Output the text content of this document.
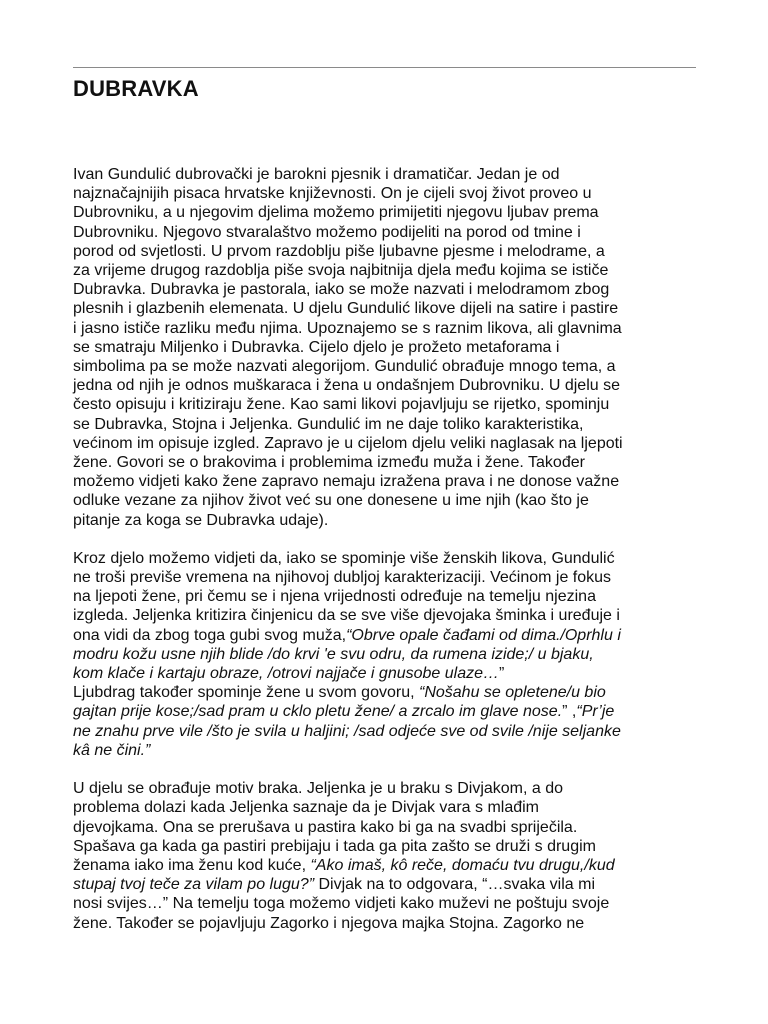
DUBRAVKA

Ivan Gundulić dubrovački je barokni pjesnik i dramatičar. Jedan je od
najznačajnijih pisaca hrvatske književnosti. On je cijeli svoj život proveo u
Dubrovniku, a u njegovim djelima možemo primijetiti njegovu ljubav prema
Dubrovniku. Njegovo stvaralaštvo možemo podijeliti na porod od tmine i
porod od svjetlosti. U prvom razdoblju piše ljubavne pjesme i melodrame, a
za vrijeme drugog razdoblja piše svoja najbitnija djela među kojima se ističe
Dubravka. Dubravka je pastorala, iako se može nazvati i melodramom zbog
plesnih i glazbenih elemenata. U djelu Gundulić likove dijeli na satire i pastire
i jasno ističe razliku među njima. Upoznajemo se s raznim likova, ali glavnima
se smatraju Miljenko i Dubravka. Cijelo djelo je prožeto metaforama i
simbolima pa se može nazvati alegorijom. Gundulić obrađuje mnogo tema, a
jedna od njih je odnos muškaraca i žena u ondašnjem Dubrovniku. U djelu se
često opisuju i kritiziraju žene. Kao sami likovi pojavljuju se rijetko, spominju
se Dubravka, Stojna i Jeljenka. Gundulić im ne daje toliko karakteristika,
većinom im opisuje izgled. Zapravo je u cijelom djelu veliki naglasak na ljepoti
žene. Govori se o brakovima i problemima između muža i žene. Također
možemo vidjeti kako žene zapravo nemaju izražena prava i ne donose važne
odluke vezane za njihov život već su one donesene u ime njih (kao što je
pitanje za koga se Dubravka udaje).

Kroz djelo možemo vidjeti da, iako se spominje više ženskih likova, Gundulić
ne troši previše vremena na njihovoj dubljoj karakterizaciji. Većinom je fokus
na ljepoti žene, pri čemu se i njena vrijednosti određuje na temelju njezina
izgleda. Jeljenka kritizira činjenicu da se sve više djevojaka šminka i uređuje i
ona vidi da zbog toga gubi svog muža,“Obrve opale čađami od dima./Oprhlu i
modru kožu usne njih blide /do krvi 'e svu odru, da rumena izide;/ u bjaku,
kom klače i kartaju obraze, /otrovi najjače i gnusobe ulaze…”
Ljubdrag također spominje žene u svom govoru, “Nošahu se opletene/u bio
gajtan prije kose;/sad pram u cklo pletu žene/ a zrcalo im glave nose.” ,“Pr’je
ne znahu prve vile /što je svila u haljini; /sad odjeće sve od svile /nije seljanke
kâ ne čini.”

U djelu se obrađuje motiv braka. Jeljenka je u braku s Divjakom, a do
problema dolazi kada Jeljenka saznaje da je Divjak vara s mlađim
djevojkama. Ona se prerušava u pastira kako bi ga na svadbi spriječila.
Spašava ga kada ga pastiri prebijaju i tada ga pita zašto se druži s drugim
ženama iako ima ženu kod kuće, “Ako imaš, kô reče, domaću tvu drugu,/kud
stupaj tvoj teče za vilam po lugu?” Divjak na to odgovara, “…svaka vila mi
nosi svijes…” Na temelju toga možemo vidjeti kako muževi ne poštuju svoje
žene. Također se pojavljuju Zagorko i njegova majka Stojna. Zagorko ne
